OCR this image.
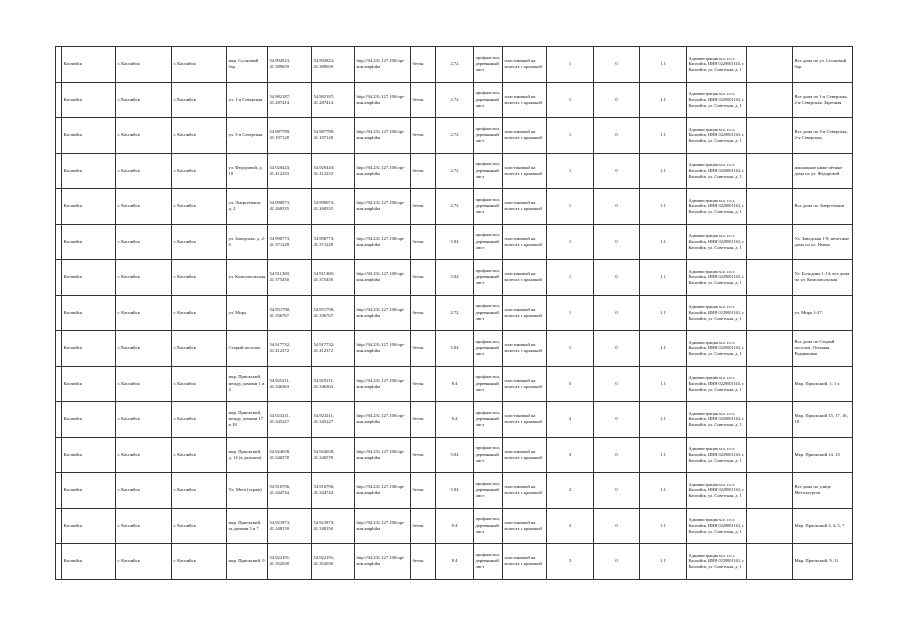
	Каспийск	г. Каспийск	г. Каспийск	мкр. Сосновый бор	54.992823, 41.389659	54.992823; 41.389659	http://94.231.127.100/opt-кон.amphiba	бетон	2.72	профнастил, деревянный лист	пластиковый на колесах с крышкой	1	0	1.1	Администрация м.о. г.о.г. Каспийск, ИНН 0229001163, г. Каспийск, ул. Советская, д. 1		Все дома по ул. Сосновый бор
	Каспийск	г. Каспийск	г. Каспийск	ул. 1-я Северская	54.982187, 41.287414	54.982187; 41.287414	http://94.231.127.100/opt-кон.amphiba	бетон	2.72	профнастил, деревянный лист	пластиковый на колесах с крышкой	1	0	1.1	Администрация м.о. г.о.г. Каспийск, ИНН 0229001163, г. Каспийск, ул. Советская, д. 1		Все дома по 1-я Северская, 2-я Северская, Заречная
	Каспийск	г. Каспийск	г. Каспийск	ул. 3-я Северская	54.987789, 41.197128	54.987789; 41.197128	http://94.231.127.100/opt-кон.amphiba	бетон	2.72	профнастил, деревянный лист	пластиковый на колесах с крышкой	1	0	1.1	Администрация м.о. г.о.г. Каспийск, ИНН 0229001163, г. Каспийск, ул. Советская, д. 1		Все дома по 3-я Северская, 2-я Северская
	Каспийск	г. Каспийск	г. Каспийск	ул. Федоровой, д. 18	54.920443, 41.412233	54.920443; 41.412233	http://94.231.127.100/opt-кон.amphiba	бетон	2.72	профнастил, деревянный лист	пластиковый на колесах с крышкой	1	0	1.1	Администрация м.о. г.о.г. Каспийск, ИНН 0229001163, г. Каспийск, ул. Советская, д. 1		жилищные ниже чётные дома по ул. Федоровой
	Каспийск	г. Каспийск	г. Каспийск	ул. Энергетиков, д. 2	54.990073, 41.268335	54.990073; 41.268335	http://94.231.127.100/opt-кон.amphiba	бетон	2.72	профнастил, деревянный лист	пластиковый на колесах с крышкой	1	0	1.1	Администрация м.о. г.о.г. Каспийск, ИНН 0229001163, г. Каспийск, ул. Советская, д. 1		Все дома по Энергетиков
	Каспийск	г. Каспийск	г. Каспийск	ул. Заводская, д. 2-б	54.990773, 41.371228	54.990773; 41.371228	http://94.231.127.100/opt-кон.amphiba	бетон	5.04	профнастил, деревянный лист	пластиковый на колесах с крышкой	1	0	1.1	Администрация м.о. г.о.г. Каспийск, ИНН 0229001163, г. Каспийск, ул. Советская, д. 1		Ул. Заводская 1-8; нечетные дома по ул. Новая
	Каспийск	г. Каспийск	г. Каспийск	ул. Комсомольская	54.911369, 41.375450	54.911369; 41.375450	http://94.231.127.100/opt-кон.amphiba	бетон	5.04	профнастил, деревянный лист	пластиковый на колесах с крышкой	1	0	1.1	Администрация м.о. г.о.г. Каспийск, ИНН 0229001163, г. Каспийск, ул. Советская, д. 1		Ул. Больдина 1-14; все дома по ул. Комсомольская
	Каспийск	г. Каспийск	г. Каспийск	ул. Мира	54.951790, 41.336767	54.951790; 41.336767	http://94.231.127.100/opt-кон.amphiba	бетон	2.72	профнастил, деревянный лист	пластиковый на колесах с крышкой	1	0	1.1	Администрация м.о. г.о.г. Каспийск, ИНН 0229001163, г. Каспийск, ул. Советская, д. 1		ул. Мира 1-27
	Каспийск	г. Каспийск	г. Каспийск	Старый поселок	54.917732, 41.412372	54.917732; 41.412372	http://94.231.127.100/opt-кон.amphiba	бетон	5.04	профнастил, деревянный лист	пластиковый на колесах с крышкой	1	0	1.1	Администрация м.о. г.о.г. Каспийск, ИНН 0229001163, г. Каспийск, ул. Советская, д. 1		Все дома по Старый поселок, Осенняя, Родниковая
	Каспийск	г. Каспийск	г. Каспийск	мкр. Приокский, между домами 1 и 4	54.925211, 41.346363	54.925211; 41.346363	http://94.231.127.100/opt-кон.amphiba	бетон	8.4	профнастил, деревянный лист	пластиковый на колесах с крышкой	5	0	1.1	Администрация м.о. г.о.г. Каспийск, ИНН 0229001163, г. Каспийск, ул. Советская, д. 1		Мкр. Приокский, 1, 1 а
	Каспийск	г. Каспийск	г. Каспийск	мкр. Приокский, между домами 17 и 18	54.923211, 41.345227	54.923211; 41.345227	http://94.231.127.100/opt-кон.amphiba	бетон	8.4	профнастил, деревянный лист	пластиковый на колесах с крышкой	4	0	1.1	Администрация м.о. г.о.г. Каспийск, ИНН 0229001163, г. Каспийск, ул. Советская, д. 1		Мкр. Приокский 15, 17, 16, 18
	Каспийск	г. Каспийск	г. Каспийск	мкр. Приокский, д. 14 (в дальнем)	54.924658, 41.346578	54.924658; 41.346578	http://94.231.127.100/opt-кон.amphiba	бетон	5.04	профнастил, деревянный лист	пластиковый на колесах с крышкой	3	0	1.1	Администрация м.о. г.о.г. Каспийск, ИНН 0229001163, г. Каспийск, ул. Советская, д. 1		Мкр. Приокский 14, 13
	Каспийск	г. Каспийск	г. Каспийск	Ул. Мета (гараж)	54.916796, 41.344744	54.916796; 41.344744	http://94.231.127.100/opt-кон.amphiba	бетон	5.04	профнастил, деревянный лист	пластиковый на колесах с крышкой	2	0	1.1	Администрация м.о. г.о.г. Каспийск, ИНН 0229001163, г. Каспийск, ул. Советская, д. 1		Все дома по улице Металлургов
	Каспийск	г. Каспийск	г. Каспийск	мкр. Приокский, за домами 5 и 7	54.921873, 41.348150	54.921873; 41.348150	http://94.231.127.100/opt-кон.amphiba	бетон	8.4	профнастил, деревянный лист	пластиковый на колесах с крышкой	3	0	1.1	Администрация м.о. г.о.г. Каспийск, ИНН 0229001163, г. Каспийск, ул. Советская, д. 1		Мкр. Приокский 3, 4, 5, 7
	Каспийск	г. Каспийск	г. Каспийск	мкр. Приокский, 9	54.922191, 41.352030	54.922191; 41.352030	http://94.231.127.100/opt-кон.amphiba	бетон	8.4	профнастил, деревянный лист	пластиковый на колесах с крышкой	3	0	1.1	Администрация м.о. г.о.г. Каспийск, ИНН 0229001163, г. Каспийск, ул. Советская, д. 1		Мкр. Приокский, 9, 11
